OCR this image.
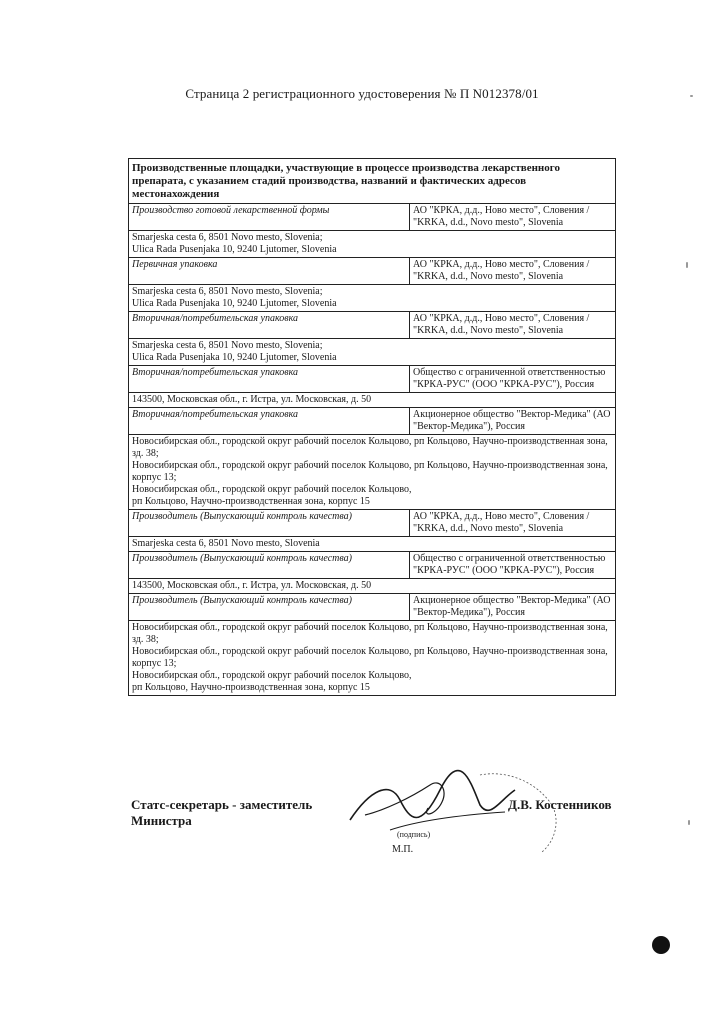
Страница 2 регистрационного удостоверения № П N012378/01
Производственные площадки, участвующие в процессе производства лекарственного препарата, с указанием стадий производства, названий и фактических адресов местонахождения	
Производство готовой лекарственной формы	АО "КРКА, д.д., Ново место", Словения / "KRKA, d.d., Novo mesto", Slovenia

Smarjeska cesta 6, 8501 Novo mesto, Slovenia;
Ulica Rada Pusenjaka 10, 9240 Ljutomer, Slovenia	

Первичная упаковка	АО "КРКА, д.д., Ново место", Словения / "KRKA, d.d., Novo mesto", Slovenia

Smarjeska cesta 6, 8501 Novo mesto, Slovenia;
Ulica Rada Pusenjaka 10, 9240 Ljutomer, Slovenia	

Вторичная/потребительская упаковка	АО "КРКА, д.д., Ново место", Словения / "KRKA, d.d., Novo mesto", Slovenia

Smarjeska cesta 6, 8501 Novo mesto, Slovenia;
Ulica Rada Pusenjaka 10, 9240 Ljutomer, Slovenia	

Вторичная/потребительская упаковка	Общество с ограниченной ответственностью "КРКА-РУС" (ООО "КРКА-РУС"), Россия

143500, Московская обл., г. Истра, ул. Московская, д. 50	

Вторичная/потребительская упаковка	Акционерное общество "Вектор-Медика" (АО "Вектор-Медика"), Россия

Новосибирская обл., городской округ рабочий поселок Кольцово, рп Кольцово, Научно-производственная зона, зд. 38;
Новосибирская обл., городской округ рабочий поселок Кольцово, рп Кольцово, Научно-производственная зона, корпус 13;
Новосибирская обл., городской округ рабочий поселок Кольцово,
рп Кольцово, Научно-производственная зона, корпус 15	

Производитель (Выпускающий контроль качества)	АО "КРКА, д.д., Ново место", Словения / "KRKA, d.d., Novo mesto", Slovenia

Smarjeska cesta 6, 8501 Novo mesto, Slovenia	

Производитель (Выпускающий контроль качества)	Общество с ограниченной ответственностью "КРКА-РУС" (ООО "КРКА-РУС"), Россия

143500, Московская обл., г. Истра, ул. Московская, д. 50	

Производитель (Выпускающий контроль качества)	Акционерное общество "Вектор-Медика" (АО "Вектор-Медика"), Россия

Новосибирская обл., городской округ рабочий поселок Кольцово, рп Кольцово, Научно-производственная зона, зд. 38;
Новосибирская обл., городской округ рабочий поселок Кольцово, рп Кольцово, Научно-производственная зона, корпус 13;
Новосибирская обл., городской округ рабочий поселок Кольцово,
рп Кольцово, Научно-производственная зона, корпус 15	
Статс-секретарь - заместитель
Министра
Д.В. Костенников
(подпись)
М.П.
